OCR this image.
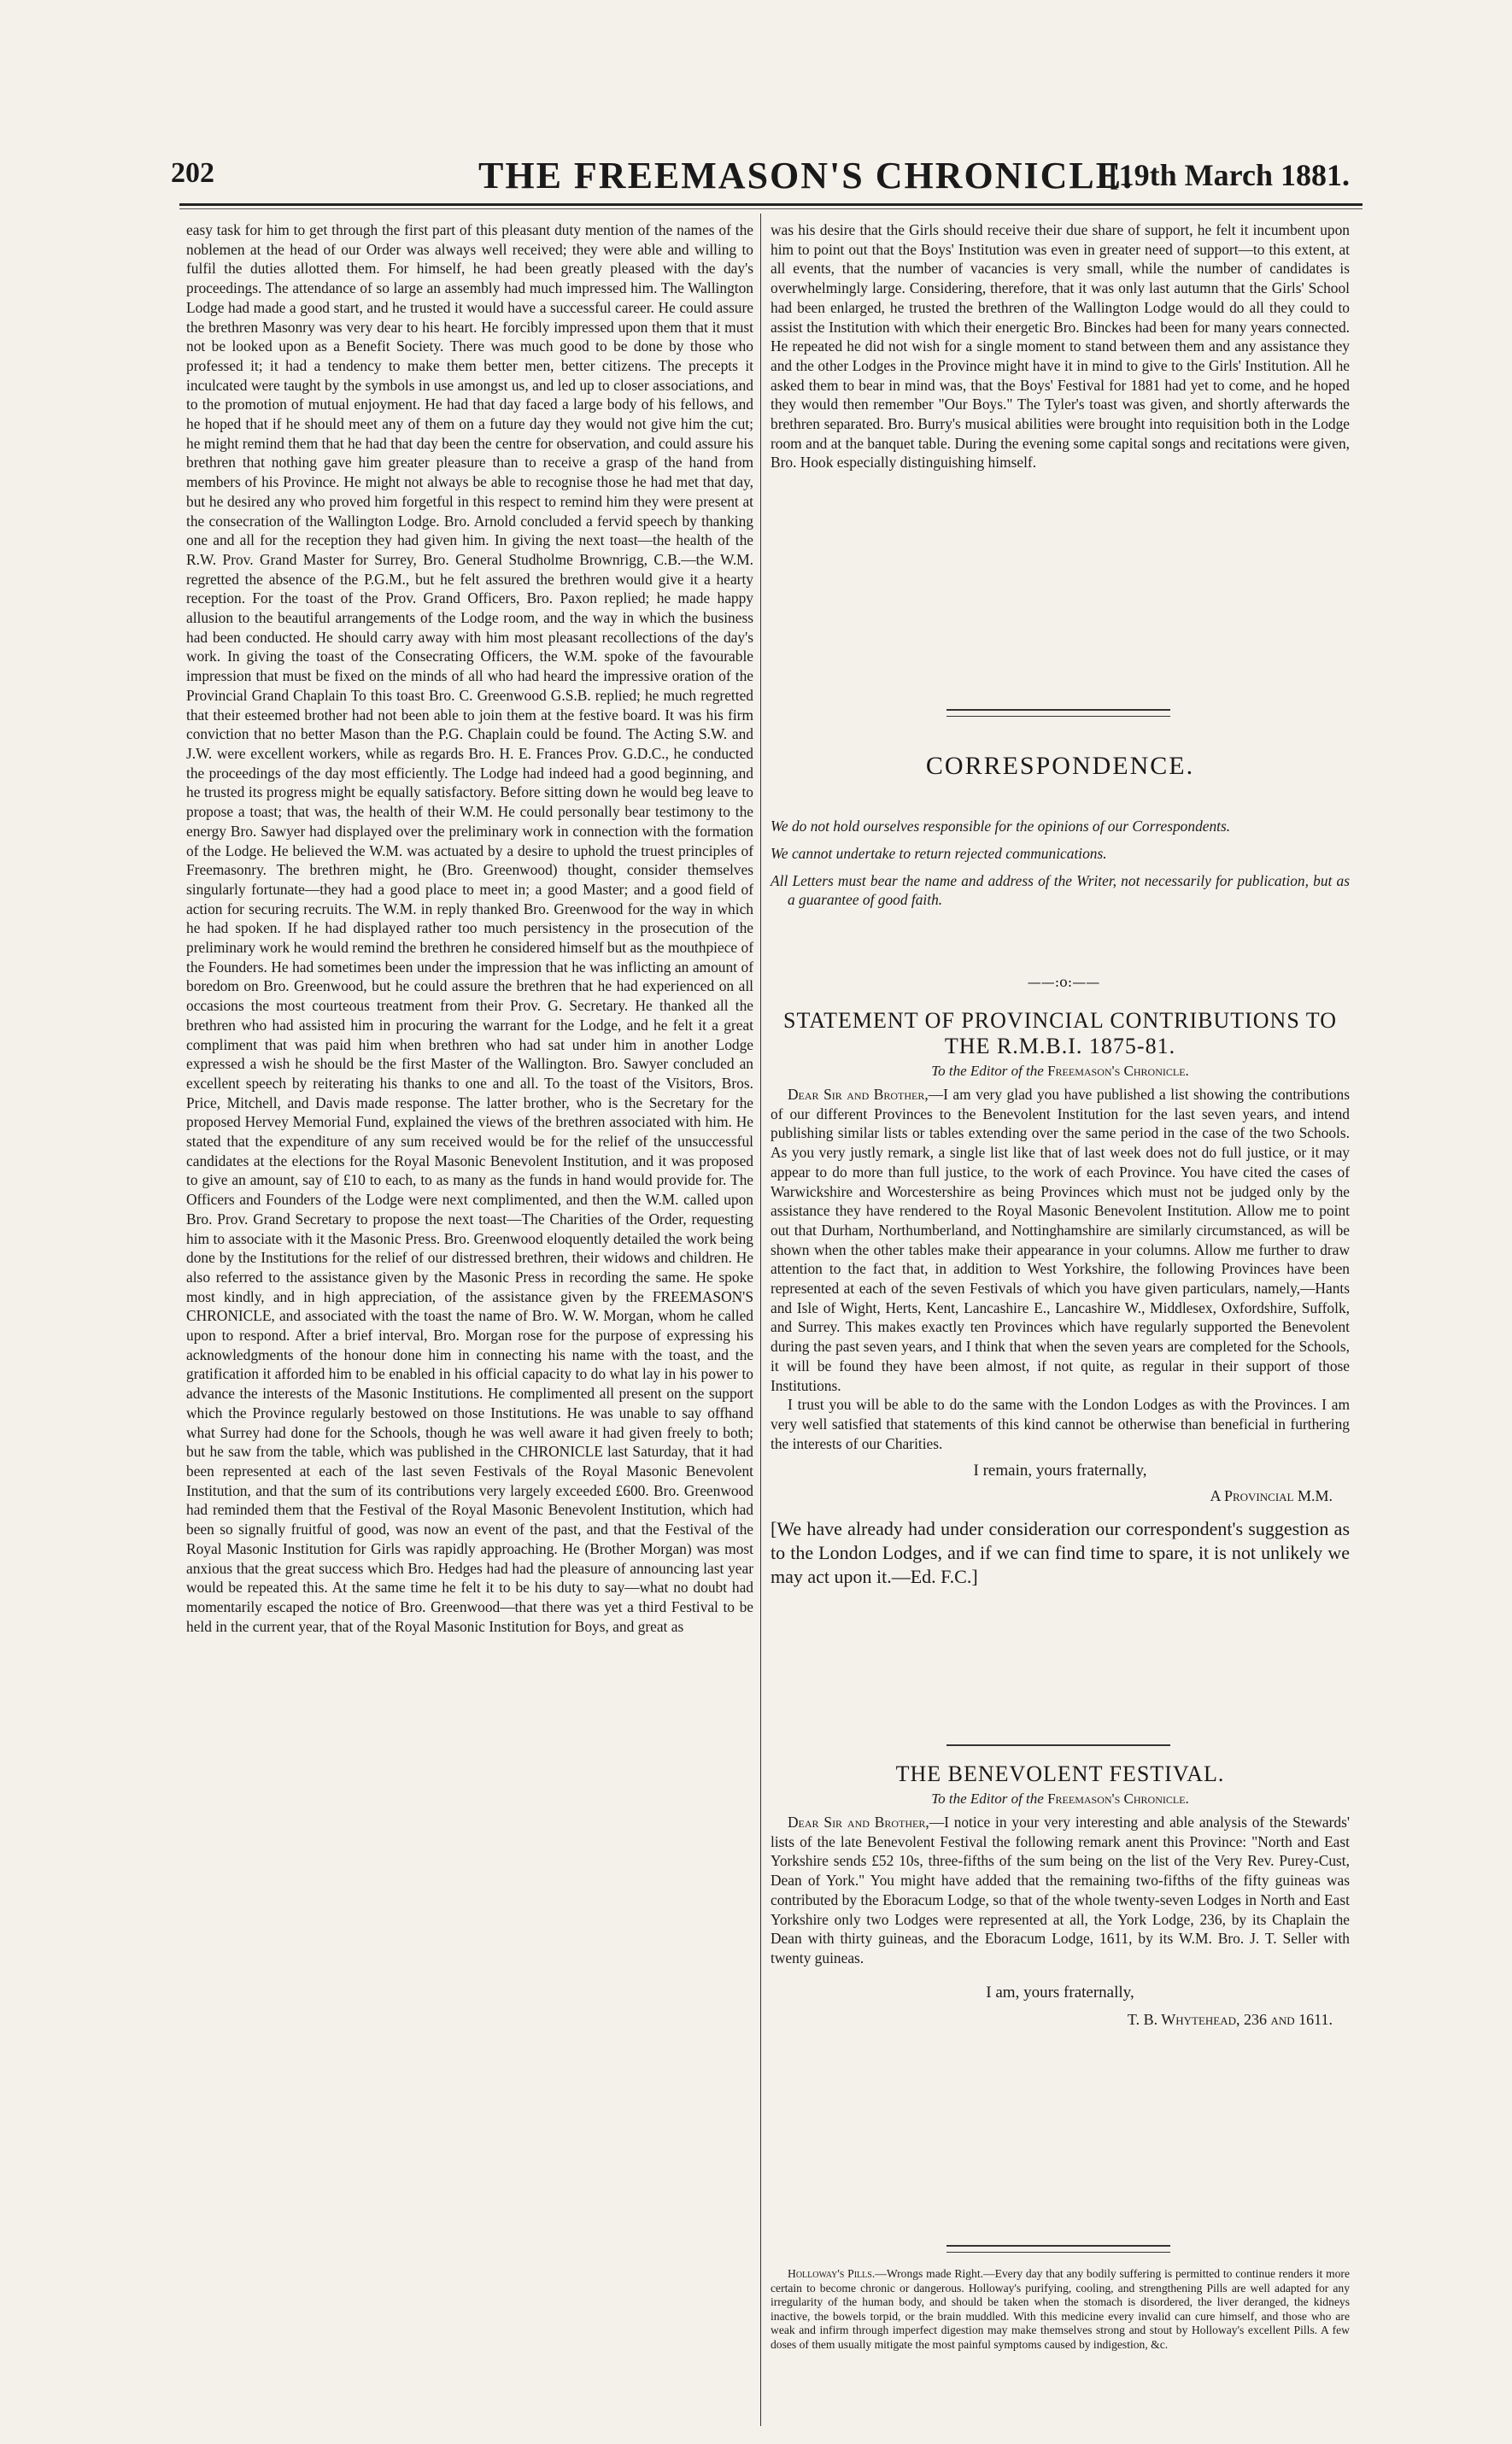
202	THE FREEMASON'S CHRONICLE.
[19th March 1881.

easy task for him to get through the first part of this pleasant duty mention of the names of the noblemen at the head of our Order was always well received; they were able and willing to fulfil the duties allotted them. For himself, he had been greatly pleased with the day's proceedings. The attendance of so large an assembly had much impressed him. The Wallington Lodge had made a good start, and he trusted it would have a successful career. He could assure the brethren Masonry was very dear to his heart. He forcibly impressed upon them that it must not be looked upon as a Benefit Society. There was much good to be done by those who professed it; it had a tendency to make them better men, better citizens. The precepts it inculcated were taught by the symbols in use amongst us, and led up to closer associations, and to the promotion of mutual enjoyment. He had that day faced a large body of his fellows, and he hoped that if he should meet any of them on a future day they would not give him the cut; he might remind them that he had that day been the centre for observation, and could assure his brethren that nothing gave him greater pleasure than to receive a grasp of the hand from members of his Province. He might not always be able to recognise those he had met that day, but he desired any who proved him forgetful in this respect to remind him they were present at the consecration of the Wallington Lodge. Bro. Arnold concluded a fervid speech by thanking one and all for the reception they had given him. In giving the next toast—the health of the R.W. Prov. Grand Master for Surrey, Bro. General Studholme Brownrigg, C.B.—the W.M. regretted the absence of the P.G.M., but he felt assured the brethren would give it a hearty reception. For the toast of the Prov. Grand Officers, Bro. Paxon replied; he made happy allusion to the beautiful arrangements of the Lodge room, and the way in which the business had been conducted. He should carry away with him most pleasant recollections of the day's work. In giving the toast of the Consecrating Officers, the W.M. spoke of the favourable impression that must be fixed on the minds of all who had heard the impressive oration of the Provincial Grand Chaplain To this toast Bro. C. Greenwood G.S.B. replied; he much regretted that their esteemed brother had not been able to join them at the festive board. It was his firm conviction that no better Mason than the P.G. Chaplain could be found. The Acting S.W. and J.W. were excellent workers, while as regards Bro. H. E. Frances Prov. G.D.C., he conducted the proceedings of the day most efficiently. The Lodge had indeed had a good beginning, and he trusted its progress might be equally satisfactory. Before sitting down he would beg leave to propose a toast; that was, the health of their W.M. He could personally bear testimony to the energy Bro. Sawyer had displayed over the preliminary work in connection with the formation of the Lodge. He believed the W.M. was actuated by a desire to uphold the truest principles of Freemasonry. The brethren might, he (Bro. Greenwood) thought, consider themselves singularly fortunate—they had a good place to meet in; a good Master; and a good field of action for securing recruits. The W.M. in reply thanked Bro. Greenwood for the way in which he had spoken. If he had displayed rather too much persistency in the prosecution of the preliminary work he would remind the brethren he considered himself but as the mouthpiece of the Founders. He had sometimes been under the impression that he was inflicting an amount of boredom on Bro. Greenwood, but he could assure the brethren that he had experienced on all occasions the most courteous treatment from their Prov. G. Secretary. He thanked all the brethren who had assisted him in procuring the warrant for the Lodge, and he felt it a great compliment that was paid him when brethren who had sat under him in another Lodge expressed a wish he should be the first Master of the Wallington. Bro. Sawyer concluded an excellent speech by reiterating his thanks to one and all. To the toast of the Visitors, Bros. Price, Mitchell, and Davis made response. The latter brother, who is the Secretary for the proposed Hervey Memorial Fund, explained the views of the brethren associated with him. He stated that the expenditure of any sum received would be for the relief of the unsuccessful candidates at the elections for the Royal Masonic Benevolent Institution, and it was proposed to give an amount, say of £10 to each, to as many as the funds in hand would provide for. The Officers and Founders of the Lodge were next complimented, and then the W.M. called upon Bro. Prov. Grand Secretary to propose the next toast—The Charities of the Order, requesting him to associate with it the Masonic Press. Bro. Greenwood eloquently detailed the work being done by the Institutions for the relief of our distressed brethren, their widows and children. He also referred to the assistance given by the Masonic Press in recording the same. He spoke most kindly, and in high appreciation, of the assistance given by the FREEMASON'S CHRONICLE, and associated with the toast the name of Bro. W. W. Morgan, whom he called upon to respond. After a brief interval, Bro. Morgan rose for the purpose of expressing his acknowledgments of the honour done him in connecting his name with the toast, and the gratification it afforded him to be enabled in his official capacity to do what lay in his power to advance the interests of the Masonic Institutions. He complimented all present on the support which the Province regularly bestowed on those Institutions. He was unable to say offhand what Surrey had done for the Schools, though he was well aware it had given freely to both; but he saw from the table, which was published in the CHRONICLE last Saturday, that it had been represented at each of the last seven Festivals of the Royal Masonic Benevolent Institution, and that the sum of its contributions very largely exceeded £600. Bro. Greenwood had reminded them that the Festival of the Royal Masonic Benevolent Institution, which had been so signally fruitful of good, was now an event of the past, and that the Festival of the Royal Masonic Institution for Girls was rapidly approaching. He (Brother Morgan) was most anxious that the great success which Bro. Hedges had had the pleasure of announcing last year would be repeated this. At the same time he felt it to be his duty to say—what no doubt had momentarily escaped the notice of Bro. Greenwood—that there was yet a third Festival to be held in the current year, that of the Royal Masonic Institution for Boys, and great as

was his desire that the Girls should receive their due share of support, he felt it incumbent upon him to point out that the Boys' Institution was even in greater need of support—to this extent, at all events, that the number of vacancies is very small, while the number of candidates is overwhelmingly large. Considering, therefore, that it was only last autumn that the Girls' School had been enlarged, he trusted the brethren of the Wallington Lodge would do all they could to assist the Institution with which their energetic Bro. Binckes had been for many years connected. He repeated he did not wish for a single moment to stand between them and any assistance they and the other Lodges in the Province might have it in mind to give to the Girls' Institution. All he asked them to bear in mind was, that the Boys' Festival for 1881 had yet to come, and he hoped they would then remember "Our Boys." The Tyler's toast was given, and shortly afterwards the brethren separated. Bro. Burry's musical abilities were brought into requisition both in the Lodge room and at the banquet table. During the evening some capital songs and recitations were given, Bro. Hook especially distinguishing himself.

CORRESPONDENCE.

We do not hold ourselves responsible for the opinions of our Correspondents.

We cannot undertake to return rejected communications.

All Letters must bear the name and address of the Writer, not necessarily for publication, but as a guarantee of good faith.

——:o:——
STATEMENT OF PROVINCIAL CONTRIBUTIONS TO THE R.M.B.I. 1875-81.
To the Editor of the Freemason's Chronicle.

Dear Sir and Brother,—I am very glad you have published a list showing the contributions of our different Provinces to the Benevolent Institution for the last seven years, and intend publishing similar lists or tables extending over the same period in the case of the two Schools. As you very justly remark, a single list like that of last week does not do full justice, or it may appear to do more than full justice, to the work of each Province. You have cited the cases of Warwickshire and Worcestershire as being Provinces which must not be judged only by the assistance they have rendered to the Royal Masonic Benevolent Institution. Allow me to point out that Durham, Northumberland, and Nottinghamshire are similarly circumstanced, as will be shown when the other tables make their appearance in your columns. Allow me further to draw attention to the fact that, in addition to West Yorkshire, the following Provinces have been represented at each of the seven Festivals of which you have given particulars, namely,—Hants and Isle of Wight, Herts, Kent, Lancashire E., Lancashire W., Middlesex, Oxfordshire, Suffolk, and Surrey. This makes exactly ten Provinces which have regularly supported the Benevolent during the past seven years, and I think that when the seven years are completed for the Schools, it will be found they have been almost, if not quite, as regular in their support of those Institutions.

I trust you will be able to do the same with the London Lodges as with the Provinces. I am very well satisfied that statements of this kind cannot be otherwise than beneficial in furthering the interests of our Charities.

I remain, yours fraternally,
A Provincial M.M.

[We have already had under consideration our correspondent's suggestion as to the London Lodges, and if we can find time to spare, it is not unlikely we may act upon it.—Ed. F.C.]

THE BENEVOLENT FESTIVAL.
To the Editor of the Freemason's Chronicle.

Dear Sir and Brother,—I notice in your very interesting and able analysis of the Stewards' lists of the late Benevolent Festival the following remark anent this Province: "North and East Yorkshire sends £52 10s, three-fifths of the sum being on the list of the Very Rev. Purey-Cust, Dean of York." You might have added that the remaining two-fifths of the fifty guineas was contributed by the Eboracum Lodge, so that of the whole twenty-seven Lodges in North and East Yorkshire only two Lodges were represented at all, the York Lodge, 236, by its Chaplain the Dean with thirty guineas, and the Eboracum Lodge, 1611, by its W.M. Bro. J. T. Seller with twenty guineas.

I am, yours fraternally,
T. B. Whytehead, 236 and 1611.

Holloway's Pills.—Wrongs made Right.—Every day that any bodily suffering is permitted to continue renders it more certain to become chronic or dangerous. Holloway's purifying, cooling, and strengthening Pills are well adapted for any irregularity of the human body, and should be taken when the stomach is disordered, the liver deranged, the kidneys inactive, the bowels torpid, or the brain muddled. With this medicine every invalid can cure himself, and those who are weak and infirm through imperfect digestion may make themselves strong and stout by Holloway's excellent Pills. A few doses of them usually mitigate the most painful symptoms caused by indigestion, &c.
